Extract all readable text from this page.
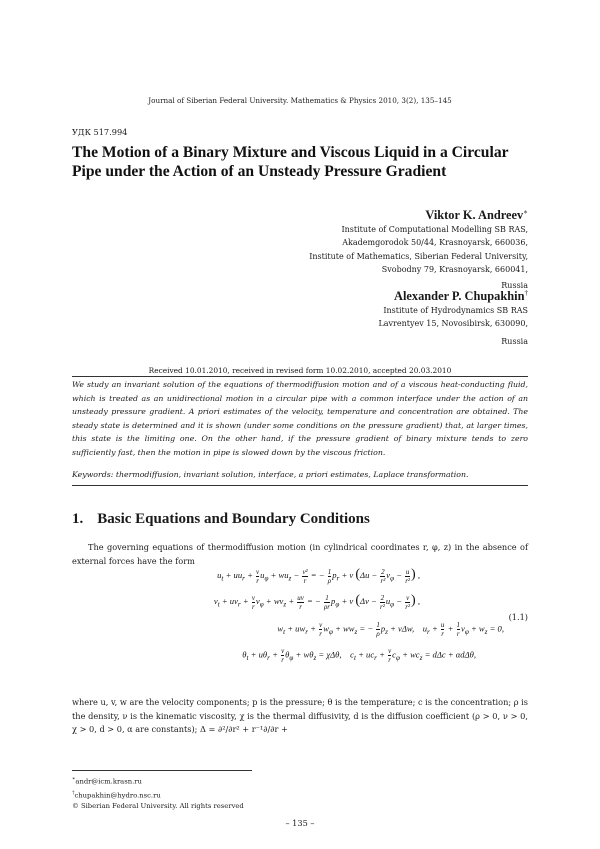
Journal of Siberian Federal University. Mathematics & Physics 2010, 3(2), 135–145
УДК 517.994
The Motion of a Binary Mixture and Viscous Liquid in a Circular Pipe under the Action of an Unsteady Pressure Gradient
Viktor K. Andreev∗
Institute of Computational Modelling SB RAS,
Akademgorodok 50/44, Krasnoyarsk, 660036,
Institute of Mathematics, Siberian Federal University,
Svobodny 79, Krasnoyarsk, 660041,
Russia
Alexander P. Chupakhin†
Institute of Hydrodynamics SB RAS
Lavrentyev 15, Novosibirsk, 630090,
Russia
Received 10.01.2010, received in revised form 10.02.2010, accepted 20.03.2010
We study an invariant solution of the equations of thermodiffusion motion and of a viscous heat-conducting fluid, which is treated as an unidirectional motion in a circular pipe with a common interface under the action of an unsteady pressure gradient. A priori estimates of the velocity, temperature and concentration are obtained. The steady state is determined and it is shown (under some conditions on the pressure gradient) that, at larger times, this state is the limiting one. On the other hand, if the pressure gradient of binary mixture tends to zero sufficiently fast, then the motion in pipe is slowed down by the viscous friction.
Keywords: thermodiffusion, invariant solution, interface, a priori estimates, Laplace transformation.
1. Basic Equations and Boundary Conditions
The governing equations of thermodiffusion motion (in cylindrical coordinates r, φ, z) in the absence of external forces have the form
$u_t + uu_r + \frac{v}{r} u_\varphi + wu_z - \frac{\text{v²}}{r}$ = − $\frac{1}{\rho} p_r + \nu$ ($\Delta u - \frac{2}{\text{r²}} v_\varphi - \frac{u}{\text{r²}}$ ) ,
$v_t + uv_r + \frac{v}{r} v_\varphi + wv_z + \frac{uv}{r}$ = − $\frac{1}{\rho r} p_\varphi + \nu$ ($\Delta v - \frac{2}{\text{r²}} u_\varphi - \frac{v}{\text{r²}}$ ) ,
$w_t + uw_r + \frac{v}{r} w_\varphi + ww_z$ = − $\frac{1}{\rho} p_z + \nu\Delta w$,    $u_r + \frac{u}{r} + \frac{1}{r} v_\varphi + w_z = 0$,
$\theta_t + u\theta_r + \frac{v}{r} \theta_\varphi + w\theta_z = \chi\Delta\theta$,    $c_t + uc_r + \frac{v}{r} c_\varphi + wc_z = d\Delta c + \alpha d\Delta\theta$,
(1.1)
where u, v, w are the velocity components; p is the pressure; θ is the temperature; c is the concentration; ρ is the density, ν is the kinematic viscosity, χ is the thermal diffusivity, d is the diffusion coefficient (ρ > 0, ν > 0, χ > 0, d > 0, α are constants); Δ = ∂²/∂r² + r⁻¹∂/∂r +
∗andr@icm.krasn.ru
†chupakhin@hydro.nsc.ru
© Siberian Federal University. All rights reserved
– 135 –
